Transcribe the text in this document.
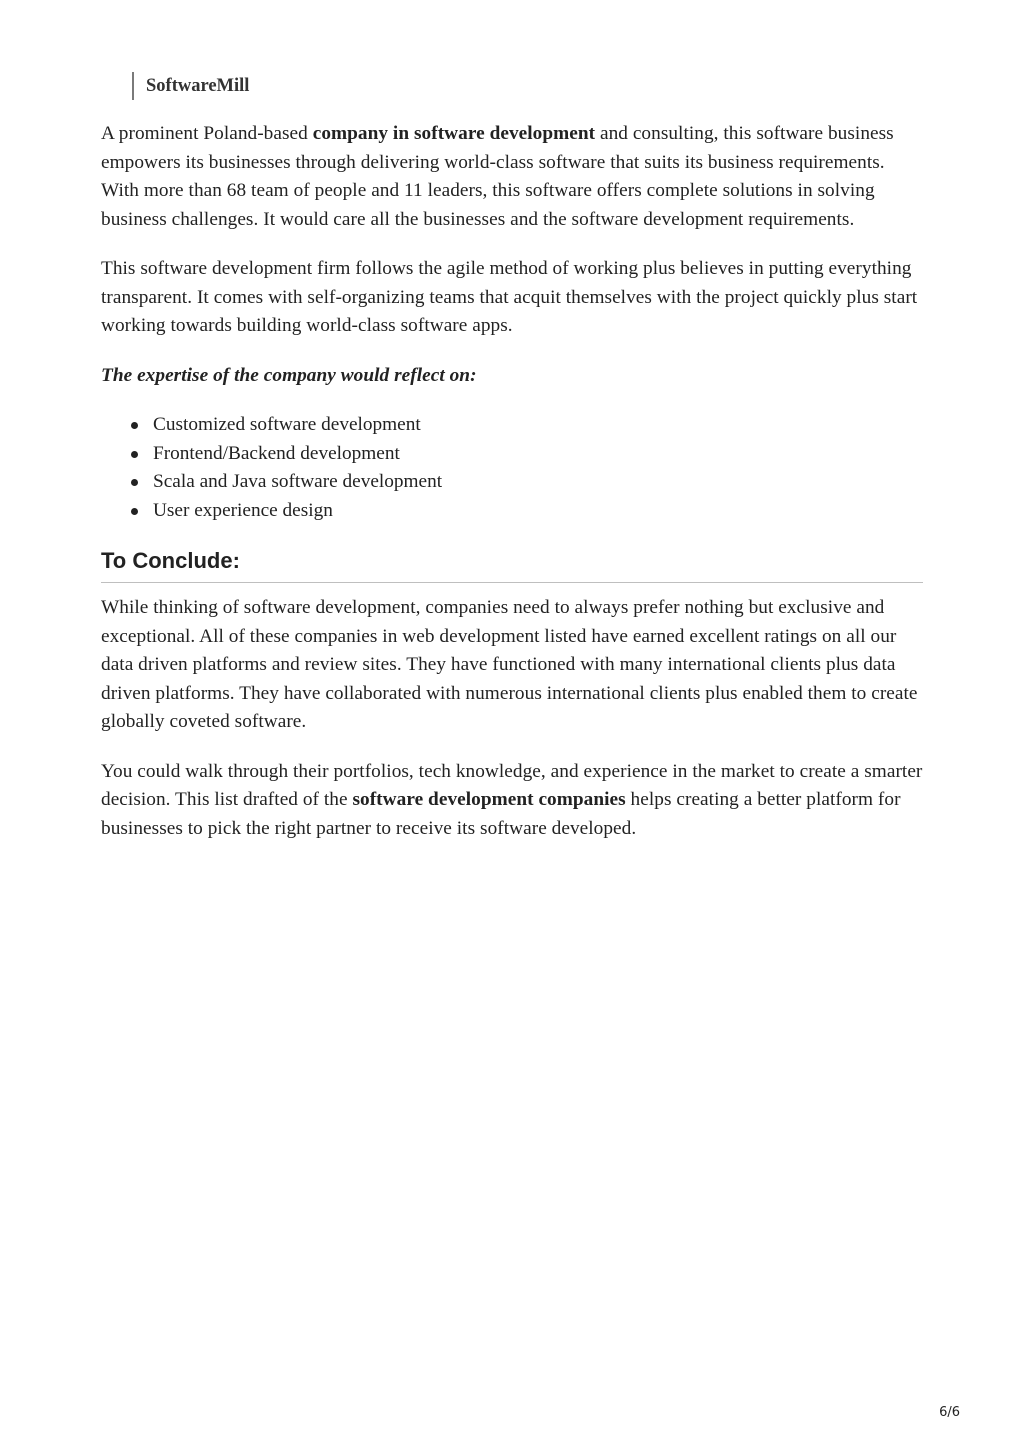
SoftwareMill

A prominent Poland-based company in software development and consulting, this software business empowers its businesses through delivering world-class software that suits its business requirements. With more than 68 team of people and 11 leaders, this software offers complete solutions in solving business challenges. It would care all the businesses and the software development requirements.

This software development firm follows the agile method of working plus believes in putting everything transparent. It comes with self-organizing teams that acquit themselves with the project quickly plus start working towards building world-class software apps.

The expertise of the company would reflect on:

Customized software development
Frontend/Backend development
Scala and Java software development
User experience design
To Conclude:

While thinking of software development, companies need to always prefer nothing but exclusive and exceptional. All of these companies in web development listed have earned excellent ratings on all our data driven platforms and review sites. They have functioned with many international clients plus data driven platforms. They have collaborated with numerous international clients plus enabled them to create globally coveted software.

You could walk through their portfolios, tech knowledge, and experience in the market to create a smarter decision. This list drafted of the software development companies helps creating a better platform for businesses to pick the right partner to receive its software developed.

6/6
